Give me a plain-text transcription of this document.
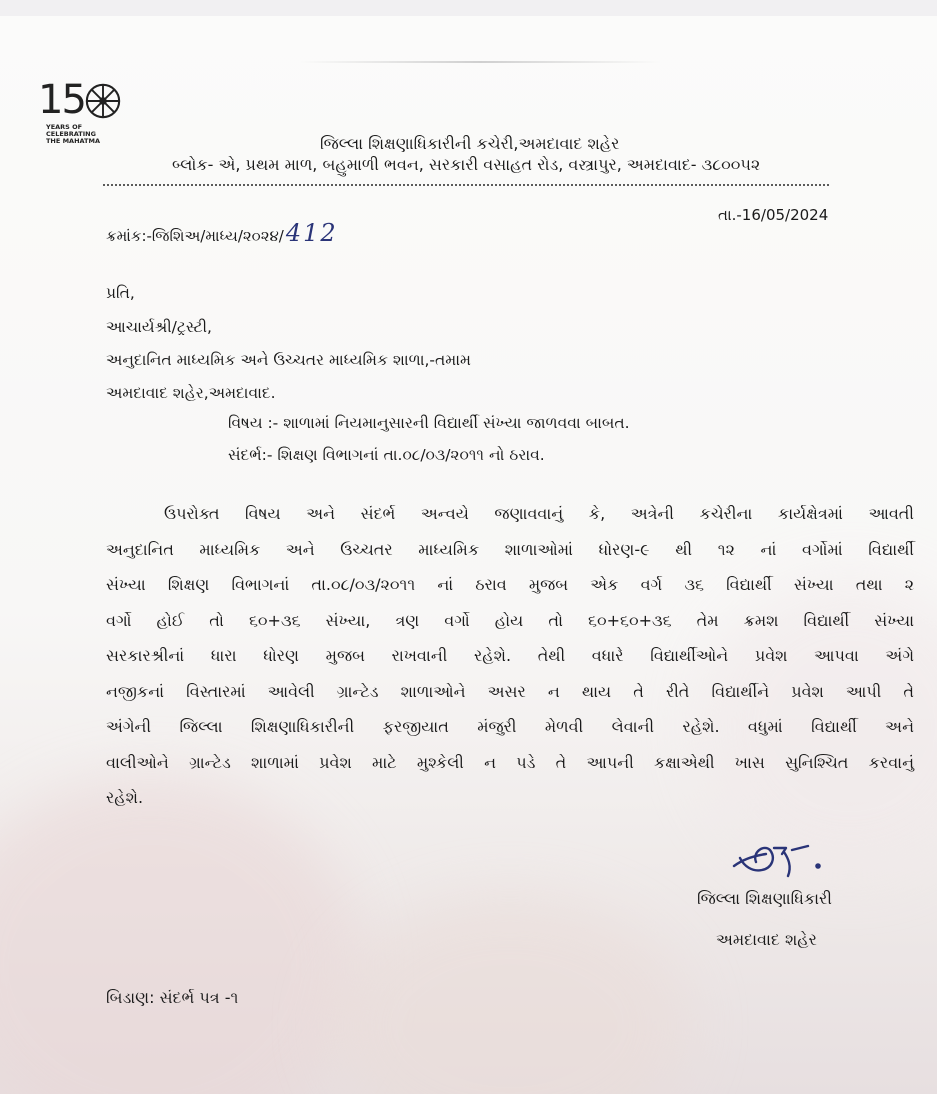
15
YEARS OF
CELEBRATING
THE MAHATMA	જિલ્લા શિક્ષણાધિકારીની કચેરી,અમદાવાદ શહેર
બ્લોક- એ, પ્રથમ માળ, બહુમાળી ભવન, સરકારી વસાહત રોડ, વસ્ત્રાપુર, અમદાવાદ- ૩૮૦૦૫૨
ક્રમાંક:-જિશિઅ/માધ્ય/૨૦૨૪/412
તા.-16/05/2024
પ્રતિ,
આચાર્યશ્રી/ટ્રસ્ટી,
અનુદાનિત માધ્યમિક અને ઉચ્ચતર માધ્યમિક શાળા,-તમામ
અમદાવાદ શહેર,અમદાવાદ.
વિષય :- શાળામાં નિયમાનુસારની વિદ્યાર્થી સંખ્યા જાળવવા બાબત.
સંદર્ભ:- શિક્ષણ વિભાગનાં તા.૦૮/૦૩/૨૦૧૧ નો ઠરાવ.
ઉપરોક્ત વિષય અને સંદર્ભ અન્વયે જણાવવાનું કે, અત્રેની કચેરીના કાર્યક્ષેત્રમાં આવતી
અનુદાનિત માધ્યમિક અને ઉચ્ચતર માધ્યમિક શાળાઓમાં ધોરણ-૯ થી ૧૨ નાં વર્ગોમાં વિદ્યાર્થી
સંખ્યા શિક્ષણ વિભાગનાં તા.૦૮/૦૩/૨૦૧૧ નાં ઠરાવ મુજબ એક વર્ગ ૩૬ વિદ્યાર્થી સંખ્યા તથા ૨
વર્ગો હોઈ તો ૬૦+૩૬ સંખ્યા, ત્રણ વર્ગો હોય તો ૬૦+૬૦+૩૬ તેમ ક્રમશ વિદ્યાર્થી સંખ્યા
સરકારશ્રીનાં ધારા ધોરણ મુજબ રાખવાની રહેશે. તેથી વધારે વિદ્યાર્થીઓને પ્રવેશ આપવા અંગે
નજીકનાં વિસ્તારમાં આવેલી ગ્રાન્ટેડ શાળાઓને અસર ન થાય તે રીતે વિદ્યાર્થીને પ્રવેશ આપી તે
અંગેની જિલ્લા શિક્ષણાધિકારીની ફરજીયાત મંજુરી મેળવી લેવાની રહેશે. વધુમાં વિદ્યાર્થી અને
વાલીઓને ગ્રાન્ટેડ શાળામાં પ્રવેશ માટે મુશ્કેલી ન પડે તે આપની કક્ષાએથી ખાસ સુનિશ્ચિત કરવાનું
રહેશે.
જિલ્લા શિક્ષણાધિકારી
અમદાવાદ શહેર
બિડાણ: સંદર્ભ પત્ર -૧
